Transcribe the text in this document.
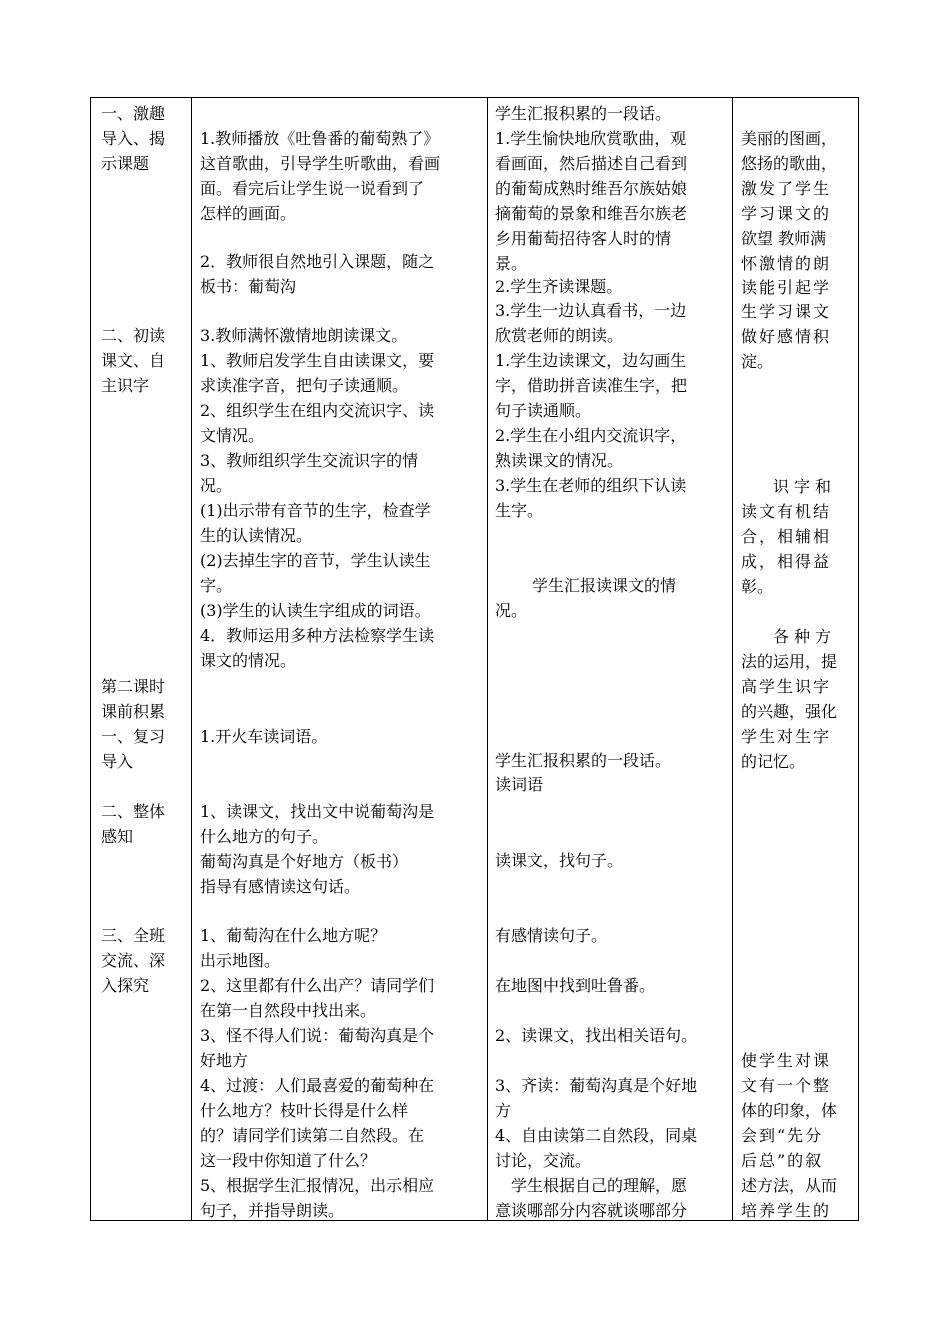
一、激趣
导入、揭
示课题
二、初读
课文、自
主识字
第二课时
课前积累
一、复习
导入
二、整体
感知
三、全班
交流、深
入探究
1.教师播放《吐鲁番的葡萄熟了》
这首歌曲，引导学生听歌曲，看画
面。看完后让学生说一说看到了
怎样的画面。
2．教师很自然地引入课题，随之
板书：葡萄沟
3.教师满怀激情地朗读课文。
1、教师启发学生自由读课文，要
求读准字音，把句子读通顺。
2、组织学生在组内交流识字、读
文情况。
3、教师组织学生交流识字的情
况。
(1)出示带有音节的生字，检查学
生的认读情况。
(2)去掉生字的音节，学生认读生
字。
(3)学生的认读生字组成的词语。
4．教师运用多种方法检察学生读
课文的情况。
1.开火车读词语。
1、读课文，找出文中说葡萄沟是
什么地方的句子。
葡萄沟真是个好地方（板书）
指导有感情读这句话。
1、葡萄沟在什么地方呢？
出示地图。
2、这里都有什么出产？请同学们
在第一自然段中找出来。
3、怪不得人们说：葡萄沟真是个
好地方
4、过渡：人们最喜爱的葡萄种在
什么地方？枝叶长得是什么样
的？请同学们读第二自然段。在
这一段中你知道了什么？
5、根据学生汇报情况，出示相应
句子，并指导朗读。
学生汇报积累的一段话。
1.学生愉快地欣赏歌曲，观
看画面，然后描述自己看到
的葡萄成熟时维吾尔族姑娘
摘葡萄的景象和维吾尔族老
乡用葡萄招待客人时的情
景。
2.学生齐读课题。
3.学生一边认真看书，一边
欣赏老师的朗读。
1.学生边读课文，边勾画生
字，借助拼音读准生字，把
句子读通顺。
2.学生在小组内交流识字，
熟读课文的情况。
3.学生在老师的组织下认读
生字。
学生汇报读课文的情
况。
学生汇报积累的一段话。
读词语
读课文，找句子。
有感情读句子。
在地图中找到吐鲁番。
2、读课文，找出相关语句。
3、齐读：葡萄沟真是个好地
方
4、自由读第二自然段，同桌
讨论，交流。
学生根据自己的理解，愿
意谈哪部分内容就谈哪部分
美丽的图画，
悠扬的歌曲，
激发了学生
学习课文的
欲望 教师满
怀激情的朗
读能引起学
生学习课文
做好感情积
淀。
识字和
读文有机结
合，相辅相
成，相得益
彰。
各种方
法的运用，提
高学生识字
的兴趣，强化
学生对生字
的记忆。
使学生对课
文有一个整
体的印象，体
会到“先分
后总”的叙
述方法，从而
培养学生的
